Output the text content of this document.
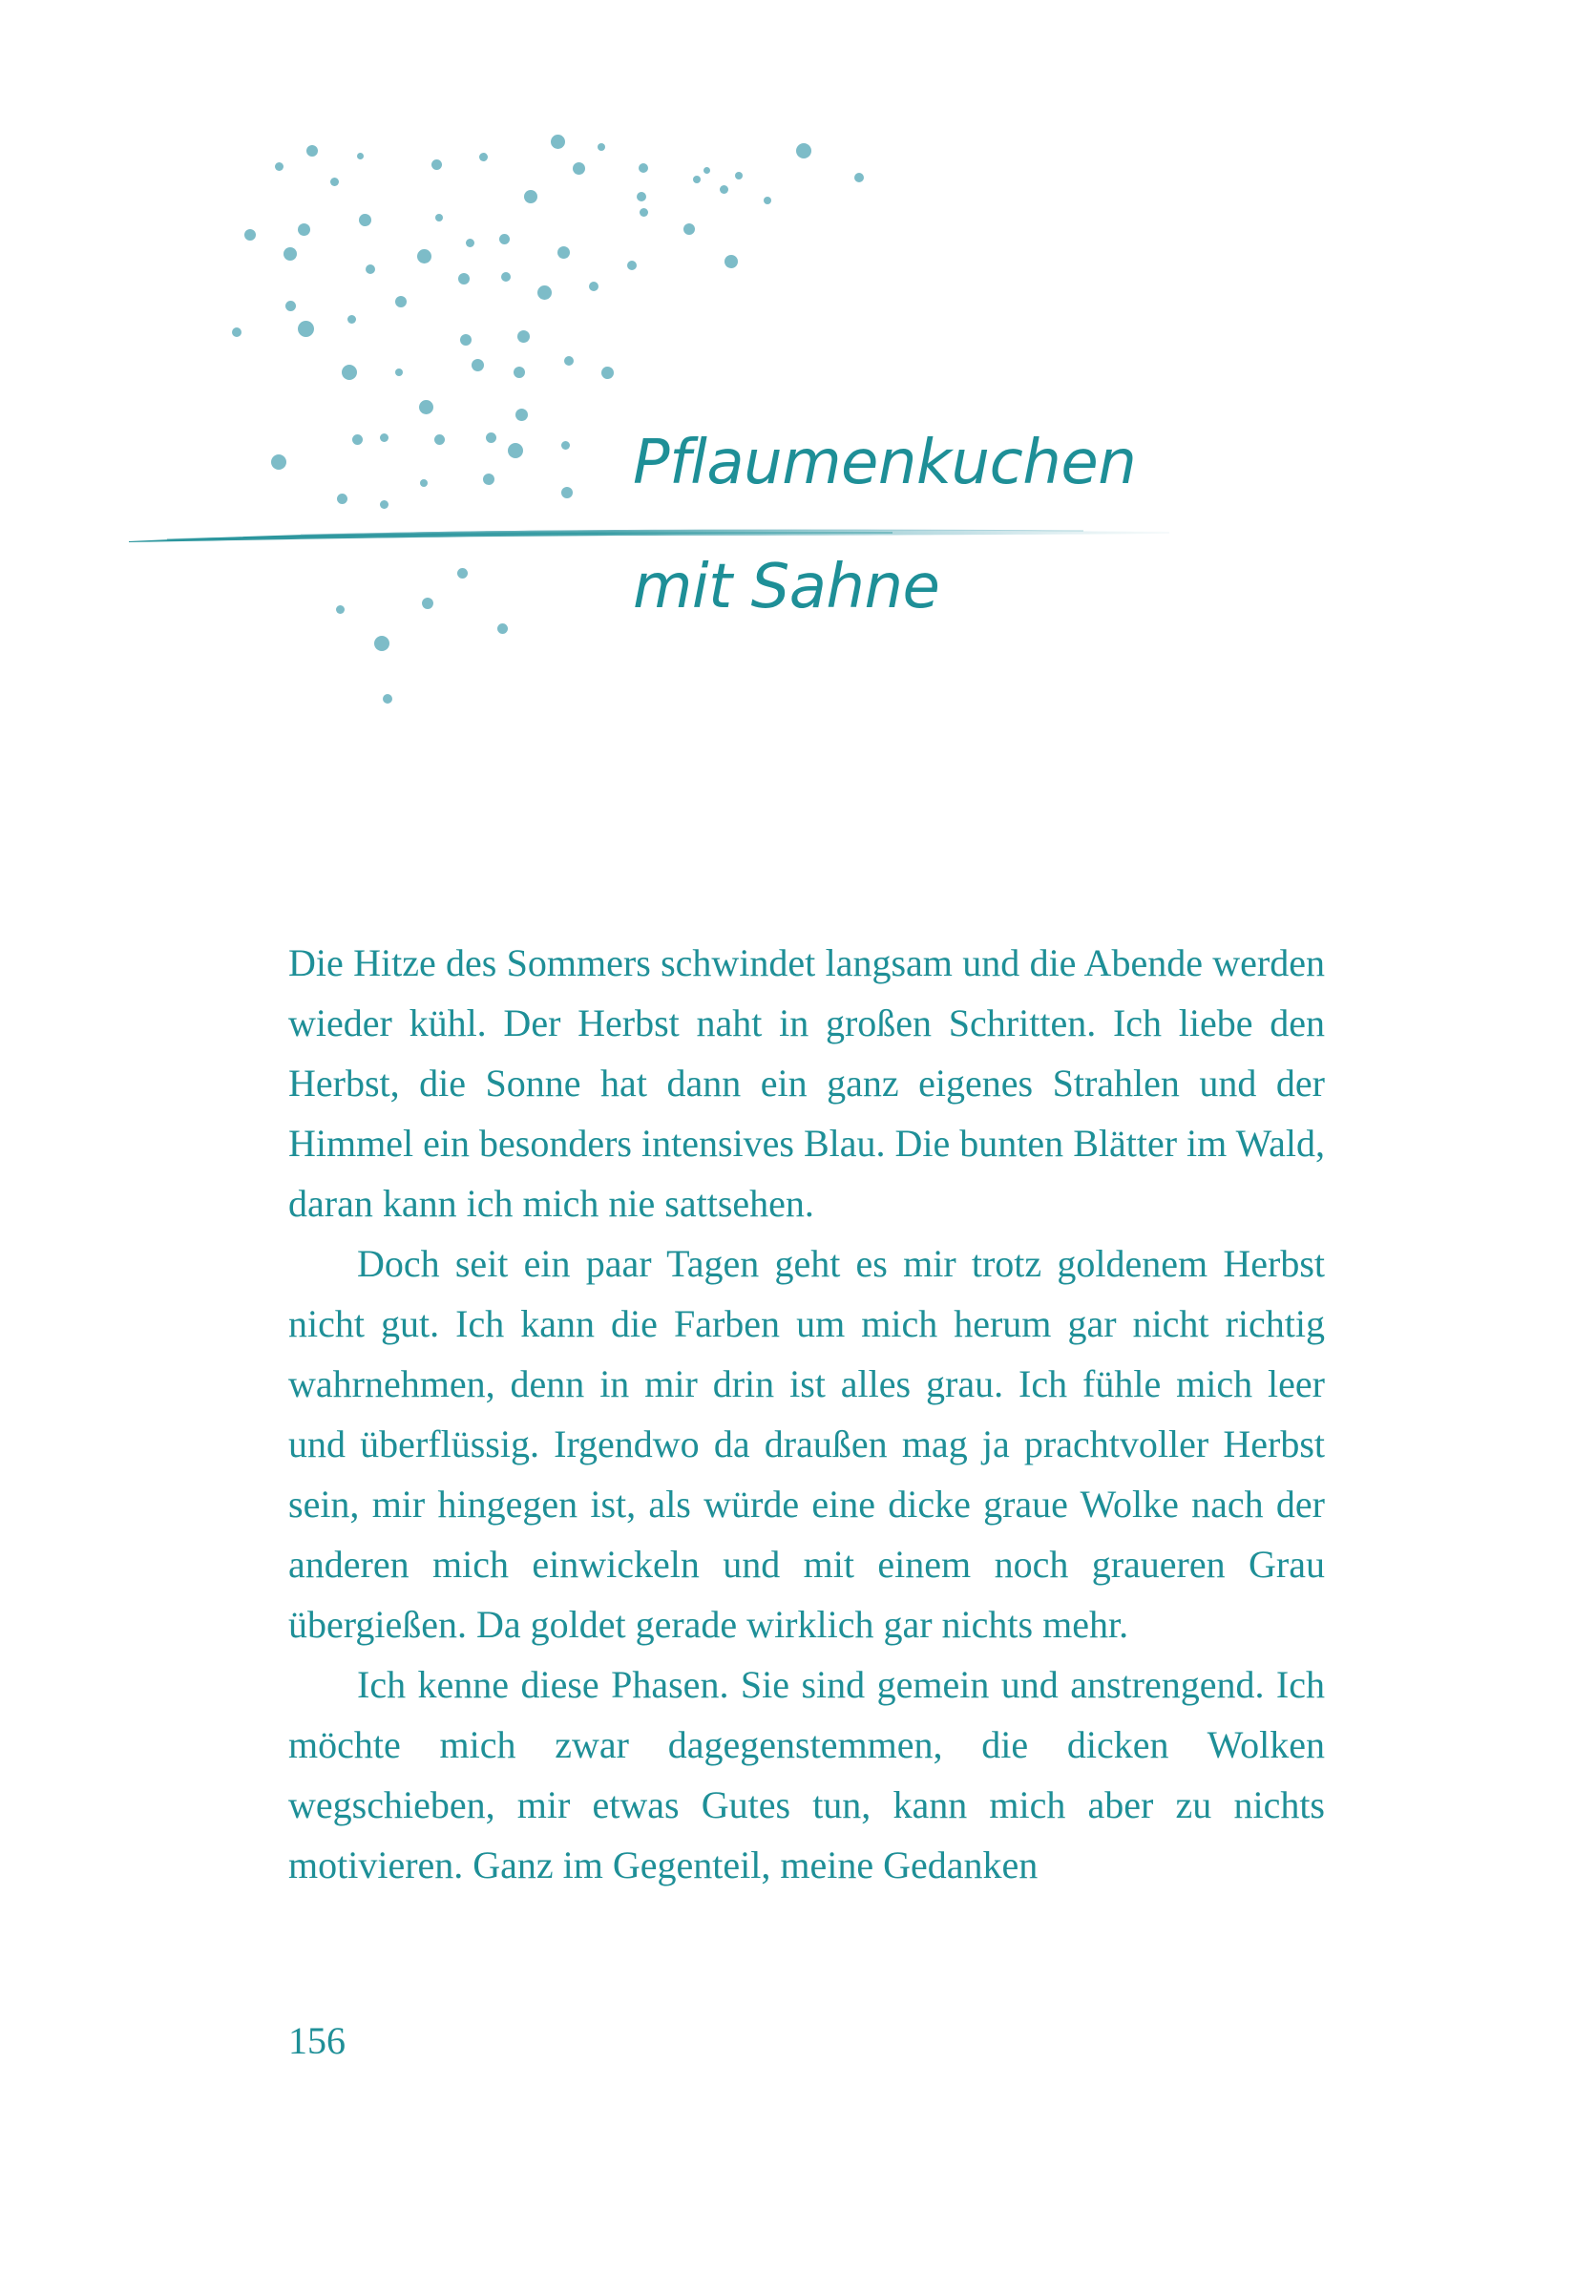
Pflaumenkuchen
mit Sahne

Die Hitze des Sommers schwindet langsam und die Abende werden wieder kühl. Der Herbst naht in großen Schritten. Ich liebe den Herbst, die Sonne hat dann ein ganz eigenes Strahlen und der Himmel ein besonders intensives Blau. Die bunten Blätter im Wald, daran kann ich mich nie sattsehen.

Doch seit ein paar Tagen geht es mir trotz goldenem Herbst nicht gut. Ich kann die Farben um mich herum gar nicht richtig wahrnehmen, denn in mir drin ist alles grau. Ich fühle mich leer und überflüssig. Irgendwo da draußen mag ja prachtvoller Herbst sein, mir hingegen ist, als würde eine dicke graue Wolke nach der anderen mich einwickeln und mit einem noch graueren Grau übergießen. Da goldet gerade wirklich gar nichts mehr.

Ich kenne diese Phasen. Sie sind gemein und anstrengend. Ich möchte mich zwar dagegenstemmen, die dicken Wolken wegschieben, mir etwas Gutes tun, kann mich aber zu nichts motivieren. Ganz im Gegenteil, meine Gedanken

156
